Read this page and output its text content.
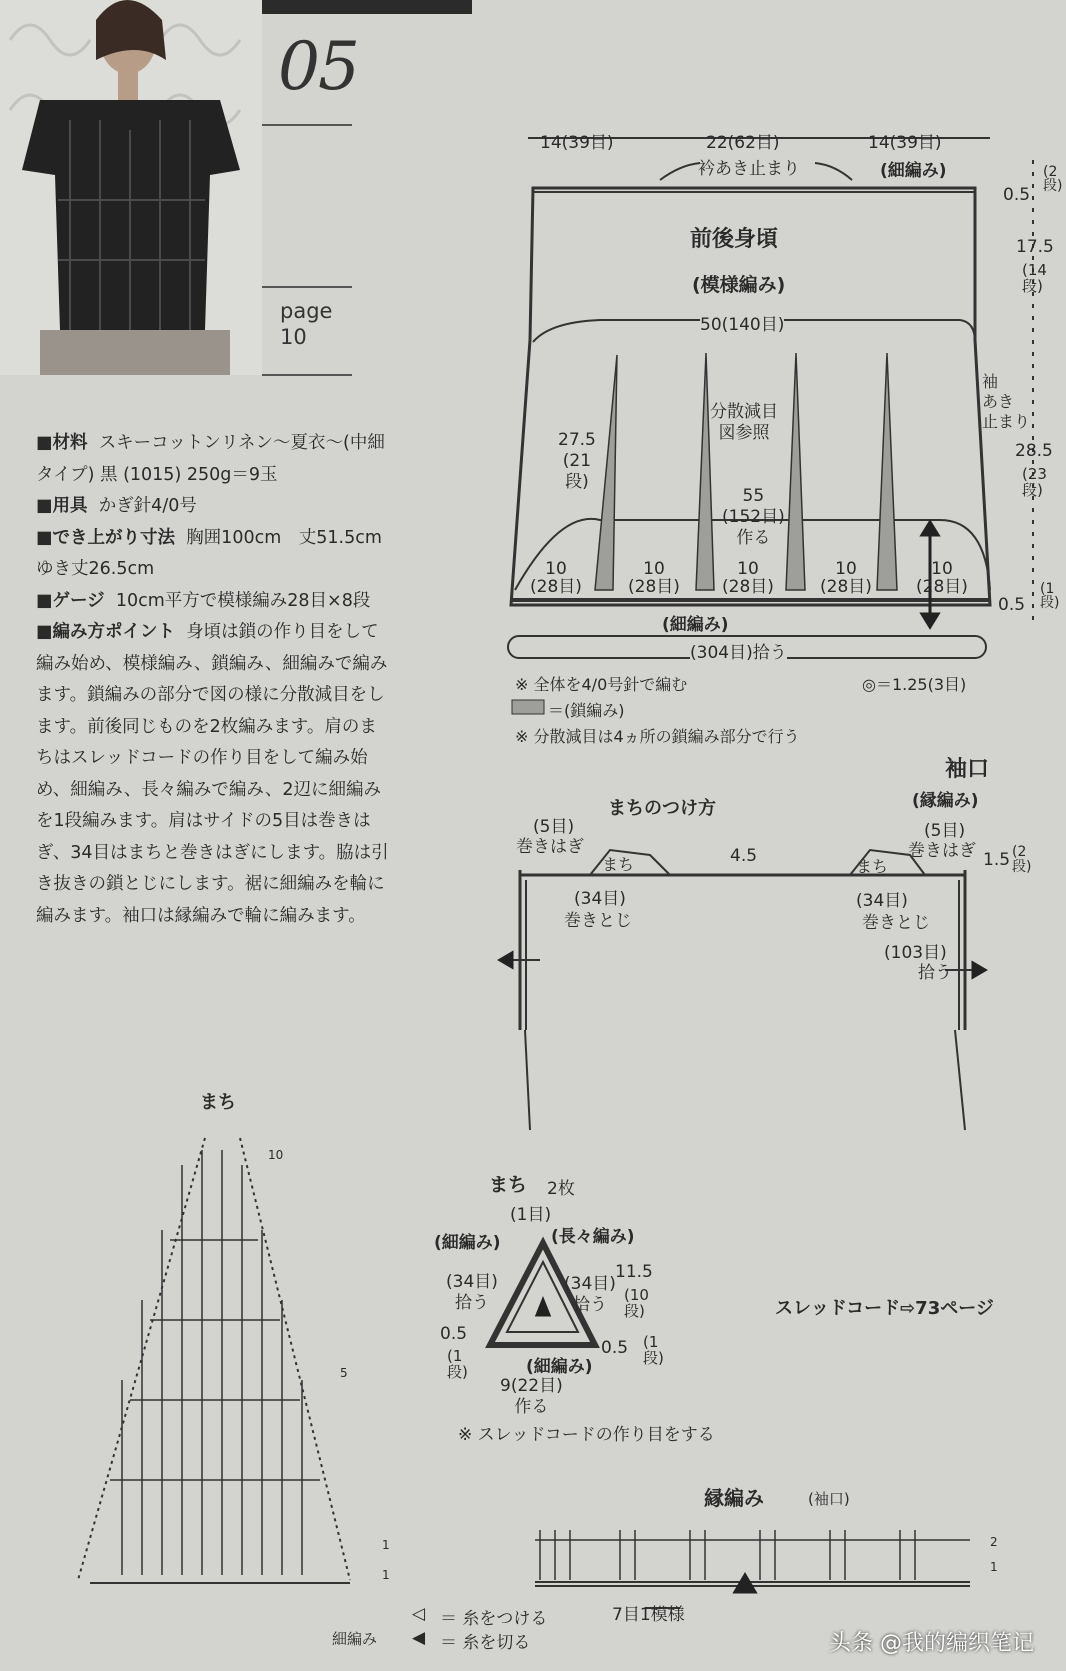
05
page
10
■材料 スキーコットンリネン〜夏衣〜(中細タイプ) 黒 (1015) 250g＝9玉
■用具 かぎ針4/0号
■でき上がり寸法 胸囲100cm　丈51.5cm　ゆき丈26.5cm
■ゲージ 10cm平方で模様編み28目×8段
■編み方ポイント 身頃は鎖の作り目をして編み始め、模様編み、鎖編み、細編みで編みます。鎖編みの部分で図の様に分散減目をします。前後同じものを2枚編みます。肩のまちはスレッドコードの作り目をして編み始め、細編み、長々編みで編み、2辺に細編みを1段編みます。肩はサイドの5目は巻きはぎ、34目はまちと巻きはぎにします。脇は引き抜きの鎖とじにします。裾に細編みを輪に編みます。袖口は縁編みで輪に編みます。
14(39目)	22(62目)	14(39目)
衿あき止まり	(細編み)
前後身頃
(模様編み)
50(140目)
分散減目
図参照
27.5
(21
段)
55
(152目)
作る
10
(28目)
10
(28目)
10
(28目)
10
(28目)
10
(28目)
(細編み)
(304目)拾う
0.5
(2
段)
17.5
(14
段)
28.5
(23
段)
0.5
(1
段)
袖
あき
止まり
※ 全体を4/0号針で編む	◎＝1.25(3目)
＝(鎖編み)
※ 分散減目は4ヵ所の鎖編み部分で行う
まちのつけ方
袖口
(縁編み)
(5目)
巻きはぎ
まち
(34目)
巻きとじ
4.5
(5目)
巻きはぎ
まち
(34目)
巻きとじ
(103目)
拾う
1.5 (2
段)
まち
10
5
1
1
細編み
まち 2枚
(1目)
(細編み)	(長々編み)
(34目)
拾う
(34目)
拾う
11.5
(10
段)
0.5
(1
段)
0.5 (1
段)
(細編み)
9(22目)
作る
※ スレッドコードの作り目をする
スレッドコード⇨73ページ
縁編み	(袖口)
2
1
7目1模様
◁ ＝ 糸をつける
◀ ＝ 糸を切る	头条 @我的编织笔记
